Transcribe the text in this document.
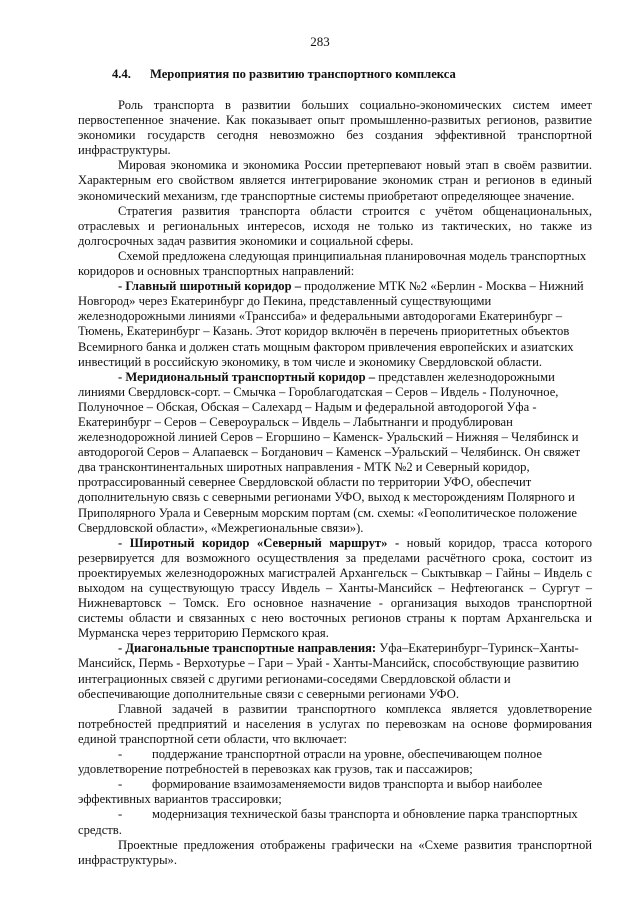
283
4.4. Мероприятия по развитию транспортного комплекса

Роль транспорта в развитии больших социально-экономических систем имеет первостепенное значение. Как показывает опыт промышленно-развитых регионов, развитие экономики государств сегодня невозможно без создания эффективной транспортной инфраструктуры.

Мировая экономика и экономика России претерпевают новый этап в своём развитии. Характерным его свойством является интегрирование экономик стран и регионов в единый экономический механизм, где транспортные системы приобретают определяющее значение.

Стратегия развития транспорта области строится с учётом общенациональных, отраслевых и региональных интересов, исходя не только из тактических, но также из долгосрочных задач развития экономики и социальной сферы.

Схемой предложена следующая принципиальная планировочная модель транспортных коридоров и основных транспортных направлений:

- Главный широтный коридор – продолжение МТК №2 «Берлин - Москва – Нижний Новгород» через Екатеринбург до Пекина, представленный существующими железнодорожными линиями «Транссиба» и федеральными автодорогами Екатеринбург – Тюмень, Екатеринбург – Казань. Этот коридор включён в перечень приоритетных объектов Всемирного банка и должен стать мощным фактором привлечения европейских и азиатских инвестиций в российскую экономику, в том числе и экономику Свердловской области.

- Меридиональный транспортный коридор – представлен железнодорожными линиями Свердловск-сорт. – Смычка – Гороблагодатская – Серов – Ивдель - Полуночное, Полуночное – Обская, Обская – Салехард – Надым и федеральной автодорогой Уфа - Екатеринбург – Серов – Североуральск – Ивдель – Лабытнанги и продублирован железнодорожной линией Серов – Егоршино – Каменск- Уральский – Нижняя – Челябинск и автодорогой Серов – Алапаевск – Богданович – Каменск –Уральский – Челябинск. Он свяжет два трансконтинентальных широтных направления - МТК №2 и Северный коридор, протрассированный севернее Свердловской области по территории УФО, обеспечит дополнительную связь с северными регионами УФО, выход к месторождениям Полярного и Приполярного Урала и Северным морским портам (см. схемы: «Геополитическое положение Свердловской области», «Межрегиональные связи»).

- Широтный коридор «Северный маршрут» - новый коридор, трасса которого резервируется для возможного осуществления за пределами расчётного срока, состоит из проектируемых железнодорожных магистралей Архангельск – Сыктывкар – Гайны – Ивдель с выходом на существующую трассу Ивдель – Ханты-Мансийск – Нефтеюганск – Сургут – Нижневартовск – Томск. Его основное назначение - организация выходов транспортной системы области и связанных с нею восточных регионов страны к портам Архангельска и Мурманска через территорию Пермского края.

- Диагональные транспортные направления: Уфа–Екатеринбург–Туринск–Ханты-Мансийск, Пермь - Верхотурье – Гари – Урай - Ханты-Мансийск, способствующие развитию интеграционных связей с другими регионами-соседями Свердловской области и обеспечивающие дополнительные связи с северными регионами УФО.

Главной задачей в развитии транспортного комплекса является удовлетворение потребностей предприятий и населения в услугах по перевозкам на основе формирования единой транспортной сети области, что включает:

-	поддержание транспортной отрасли на уровне, обеспечивающем полное

удовлетворение потребностей в перевозках как грузов, так и пассажиров;

-	формирование взаимозаменяемости видов транспорта и выбор наиболее

эффективных вариантов трассировки;

-	модернизация технической базы транспорта и обновление парка транспортных

средств.

Проектные предложения отображены графически на «Схеме развития транспортной инфраструктуры».
